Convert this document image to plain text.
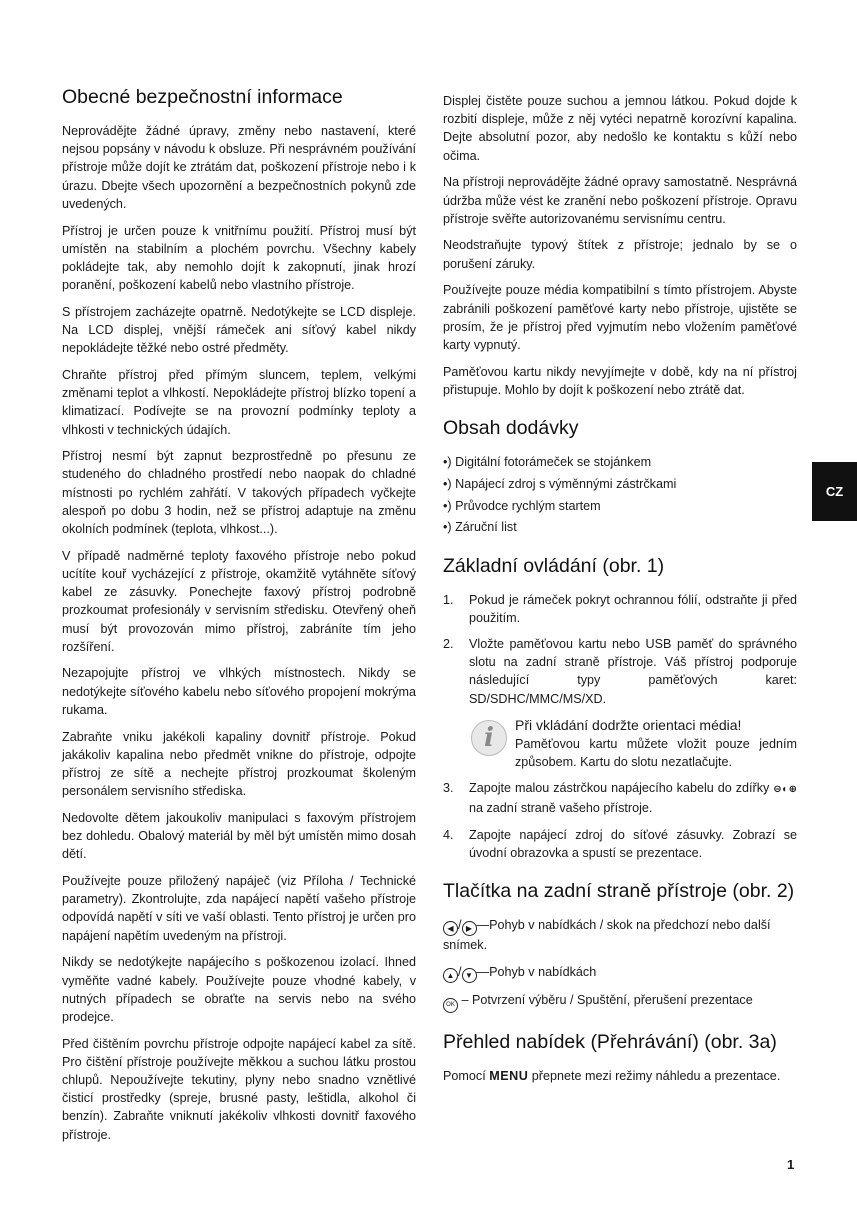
Obecné bezpečnostní informace

Neprovádějte žádné úpravy, změny nebo nastavení, které nejsou popsány v návodu k obsluze. Při nesprávném používání přístroje může dojít ke ztrátám dat, poškození přístroje nebo i k úrazu. Dbejte všech upozornění a bezpečnostních pokynů zde uvedených.

Přístroj je určen pouze k vnitřnímu použití. Přístroj musí být umístěn na stabilním a plochém povrchu. Všechny kabely pokládejte tak, aby nemohlo dojít k zakopnutí, jinak hrozí poranění, poškození kabelů nebo vlastního přístroje.

S přístrojem zacházejte opatrně. Nedotýkejte se LCD displeje. Na LCD displej, vnější rámeček ani síťový kabel nikdy nepokládejte těžké nebo ostré předměty.

Chraňte přístroj před přímým sluncem, teplem, velkými změnami teplot a vlhkostí. Nepokládejte přístroj blízko topení a klimatizací. Podívejte se na provozní podmínky teploty a vlhkosti v technických údajích.

Přístroj nesmí být zapnut bezprostředně po přesunu ze studeného do chladného prostředí nebo naopak do chladné místnosti po rychlém zahřátí. V takových případech vyčkejte alespoň po dobu 3 hodin, než se přístroj adaptuje na změnu okolních podmínek (teplota, vlhkost...).

V případě nadměrné teploty faxového přístroje nebo pokud ucítíte kouř vycházející z přístroje, okamžitě vytáhněte síťový kabel ze zásuvky. Ponechejte faxový přístroj podrobně prozkoumat profesionály v servisním středisku. Otevřený oheň musí být provozován mimo přístroj, zabráníte tím jeho rozšíření.

Nezapojujte přístroj ve vlhkých místnostech. Nikdy se nedotýkejte síťového kabelu nebo síťového propojení mokrýma rukama.

Zabraňte vniku jakékoli kapaliny dovnitř přístroje. Pokud jakákoliv kapalina nebo předmět vnikne do přístroje, odpojte přístroj ze sítě a nechejte přístroj prozkoumat školeným personálem servisního střediska.

Nedovolte dětem jakoukoliv manipulaci s faxovým přístrojem bez dohledu. Obalový materiál by měl být umístěn mimo dosah dětí.

Používejte pouze přiložený napáječ (viz Příloha / Technické parametry). Zkontrolujte, zda napájecí napětí vašeho přístroje odpovídá napětí v síti ve vaší oblasti. Tento přístroj je určen pro napájení napětím uvedeným na přístroji.

Nikdy se nedotýkejte napájecího s poškozenou izolací. Ihned vyměňte vadné kabely. Používejte pouze vhodné kabely, v nutných případech se obraťte na servis nebo na svého prodejce.

Před čištěním povrchu přístroje odpojte napájecí kabel za sítě. Pro čištění přístroje používejte měkkou a suchou látku prostou chlupů. Nepoužívejte tekutiny, plyny nebo snadno vznětlivé čisticí prostředky (spreje, brusné pasty, leštidla, alkohol či benzín). Zabraňte vniknutí jakékoliv vlhkosti dovnitř faxového přístroje.

Displej čistěte pouze suchou a jemnou látkou. Pokud dojde k rozbití displeje, může z něj vytéci nepatrně korozívní kapalina. Dejte absolutní pozor, aby nedošlo ke kontaktu s kůží nebo očima.

Na přístroji neprovádějte žádné opravy samostatně. Nesprávná údržba může vést ke zranění nebo poškození přístroje. Opravu přístroje svěřte autorizovanému servisnímu centru.

Neodstraňujte typový štítek z přístroje; jednalo by se o porušení záruky.

Používejte pouze média kompatibilní s tímto přístrojem. Abyste zabránili poškození paměťové karty nebo přístroje, ujistěte se prosím, že je přístroj před vyjmutím nebo vložením paměťové karty vypnutý.

Paměťovou kartu nikdy nevyjímejte v době, kdy na ní přístroj přistupuje. Mohlo by dojít k poškození nebo ztrátě dat.

Obsah dodávky
•) Digitální fotorámeček se stojánkem
•) Napájecí zdroj s výměnnými zástrčkami
•) Průvodce rychlým startem
•) Záruční list
Základní ovládání (obr. 1)
1. Pokud je rámeček pokryt ochrannou fólií, odstraňte ji před použitím.
2. Vložte paměťovou kartu nebo USB paměť do správného slotu na zadní straně přístroje. Váš přístroj podporuje následující typy paměťových karet: SD/SDHC/MMC/MS/XD.
i	Při vkládání dodržte orientaci média!
Paměťovou kartu můžete vložit pouze jedním způsobem. Kartu do slotu nezatlačujte.
3. Zapojte malou zástrčkou napájecího kabelu do zdířky ⊖◐⊕ na zadní straně vašeho přístroje.
4. Zapojte napájecí zdroj do síťové zásuvky. Zobrazí se úvodní obrazovka a spustí se prezentace.
Tlačítka na zadní straně přístroje (obr. 2)

◀ / ▶ —Pohyb v nabídkách / skok na předchozí nebo další snímek.

▲ / ▼ —Pohyb v nabídkách

OK – Potvrzení výběru / Spuštění, přerušení prezentace

Přehled nabídek (Přehrávání) (obr. 3a)

Pomocí MENU přepnete mezi režimy náhledu a prezentace.

CZ
1
